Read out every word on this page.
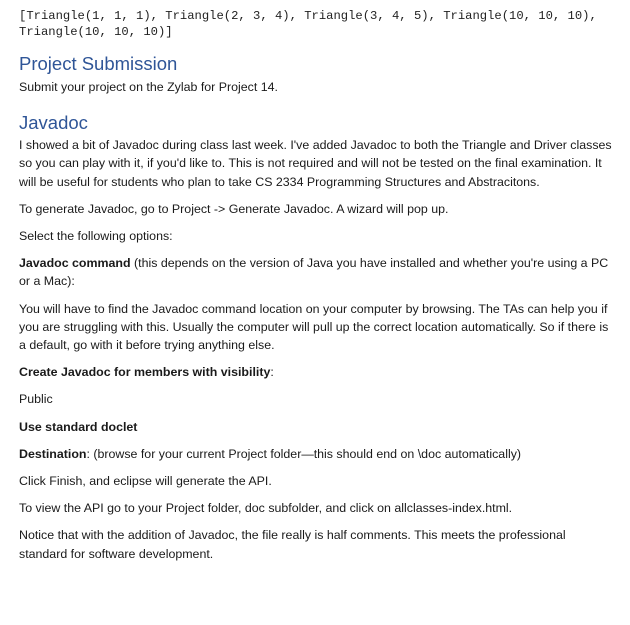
[Triangle(1, 1, 1), Triangle(2, 3, 4), Triangle(3, 4, 5), Triangle(10, 10, 10),
Triangle(10, 10, 10)]
Project Submission

Submit your project on the Zylab for Project 14.

Javadoc

I showed a bit of Javadoc during class last week. I've added Javadoc to both the Triangle and Driver classes so you can play with it, if you'd like to. This is not required and will not be tested on the final examination. It will be useful for students who plan to take CS 2334 Programming Structures and Abstracitons.

To generate Javadoc, go to Project -> Generate Javadoc. A wizard will pop up.

Select the following options:

Javadoc command (this depends on the version of Java you have installed and whether you're using a PC or a Mac):

You will have to find the Javadoc command location on your computer by browsing. The TAs can help you if you are struggling with this. Usually the computer will pull up the correct location automatically. So if there is a default, go with it before trying anything else.

Create Javadoc for members with visibility:

Public

Use standard doclet

Destination: (browse for your current Project folder—this should end on \doc automatically)

Click Finish, and eclipse will generate the API.

To view the API go to your Project folder, doc subfolder, and click on allclasses-index.html.

Notice that with the addition of Javadoc, the file really is half comments. This meets the professional standard for software development.
